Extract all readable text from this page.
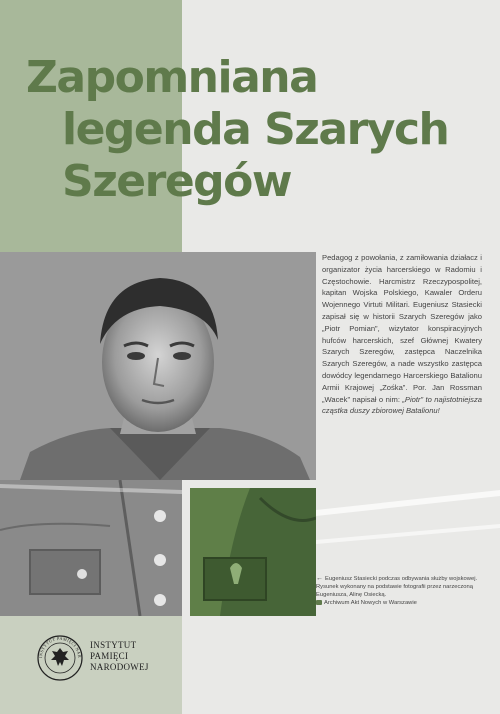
Zapomniana
legenda Szarych
Szeregów

Pedagog z powołania, z zamiłowania działacz i organizator życia harcerskiego w Radomiu i Częstochowie. Harcmistrz Rzeczypospolitej, kapitan Wojska Polskiego, Kawaler Orderu Wojennego Virtuti Militari. Eugeniusz Stasiecki zapisał się w historii Szarych Szeregów jako „Piotr Pomian”, wizytator konspiracyjnych hufców harcerskich, szef Głównej Kwatery Szarych Szeregów, zastępca Naczelnika Szarych Szeregów, a nade wszystko zastępca dowódcy legendarnego Harcerskiego Batalionu Armii Krajowej „Zośka”. Por. Jan Rossman „Wacek” napisał o nim: „Piotr” to najistotniejsza cząstka duszy zbiorowej Batalionu!

← Eugeniusz Stasiecki podczas odbywania służby wojskowej. Rysunek wykonany na podstawie fotografii przez narzeczoną Eugeniusza, Alinę Osiecką.
Archiwum Akt Nowych w Warszawie

INSTYTUT PAMIĘCI NAR
INSTYTUT
PAMIĘCI
NARODOWEJ
